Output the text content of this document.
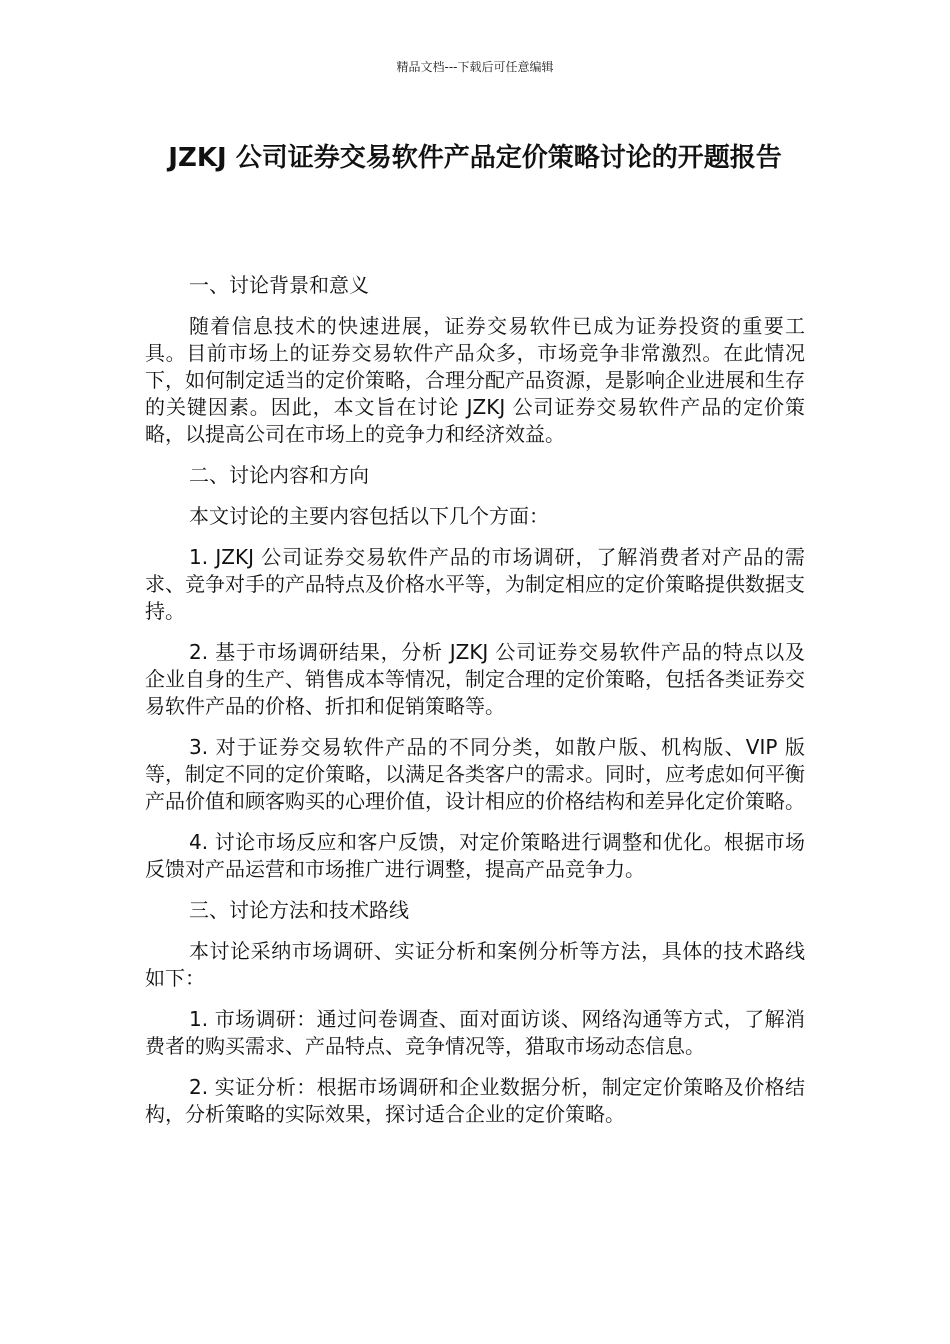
精品文档---下载后可任意编辑
JZKJ 公司证券交易软件产品定价策略讨论的开题报告

一、讨论背景和意义

随着信息技术的快速进展，证券交易软件已成为证券投资的重要工具。目前市场上的证券交易软件产品众多，市场竞争非常激烈。在此情况下，如何制定适当的定价策略，合理分配产品资源，是影响企业进展和生存的关键因素。因此，本文旨在讨论 JZKJ 公司证券交易软件产品的定价策略，以提高公司在市场上的竞争力和经济效益。

二、讨论内容和方向

本文讨论的主要内容包括以下几个方面：

1. JZKJ 公司证券交易软件产品的市场调研，了解消费者对产品的需求、竞争对手的产品特点及价格水平等，为制定相应的定价策略提供数据支持。

2. 基于市场调研结果，分析 JZKJ 公司证券交易软件产品的特点以及企业自身的生产、销售成本等情况，制定合理的定价策略，包括各类证券交易软件产品的价格、折扣和促销策略等。

3. 对于证券交易软件产品的不同分类，如散户版、机构版、VIP 版等，制定不同的定价策略，以满足各类客户的需求。同时，应考虑如何平衡产品价值和顾客购买的心理价值，设计相应的价格结构和差异化定价策略。

4. 讨论市场反应和客户反馈，对定价策略进行调整和优化。根据市场反馈对产品运营和市场推广进行调整，提高产品竞争力。

三、讨论方法和技术路线

本讨论采纳市场调研、实证分析和案例分析等方法，具体的技术路线如下：

1. 市场调研：通过问卷调查、面对面访谈、网络沟通等方式，了解消费者的购买需求、产品特点、竞争情况等，猎取市场动态信息。

2. 实证分析：根据市场调研和企业数据分析，制定定价策略及价格结构，分析策略的实际效果，探讨适合企业的定价策略。
